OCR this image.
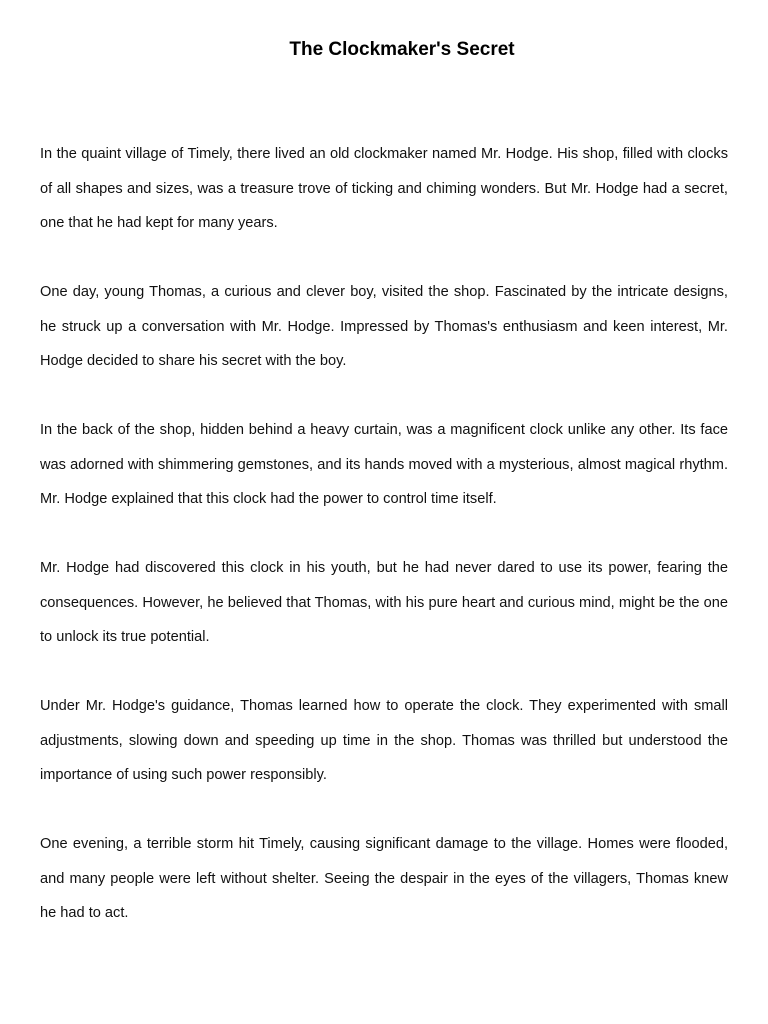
The Clockmaker's Secret

In the quaint village of Timely, there lived an old clockmaker named Mr. Hodge. His shop, filled with clocks of all shapes and sizes, was a treasure trove of ticking and chiming wonders. But Mr. Hodge had a secret, one that he had kept for many years.

One day, young Thomas, a curious and clever boy, visited the shop. Fascinated by the intricate designs, he struck up a conversation with Mr. Hodge. Impressed by Thomas's enthusiasm and keen interest, Mr. Hodge decided to share his secret with the boy.

In the back of the shop, hidden behind a heavy curtain, was a magnificent clock unlike any other. Its face was adorned with shimmering gemstones, and its hands moved with a mysterious, almost magical rhythm. Mr. Hodge explained that this clock had the power to control time itself.

Mr. Hodge had discovered this clock in his youth, but he had never dared to use its power, fearing the consequences. However, he believed that Thomas, with his pure heart and curious mind, might be the one to unlock its true potential.

Under Mr. Hodge's guidance, Thomas learned how to operate the clock. They experimented with small adjustments, slowing down and speeding up time in the shop. Thomas was thrilled but understood the importance of using such power responsibly.

One evening, a terrible storm hit Timely, causing significant damage to the village. Homes were flooded, and many people were left without shelter. Seeing the despair in the eyes of the villagers, Thomas knew he had to act.
